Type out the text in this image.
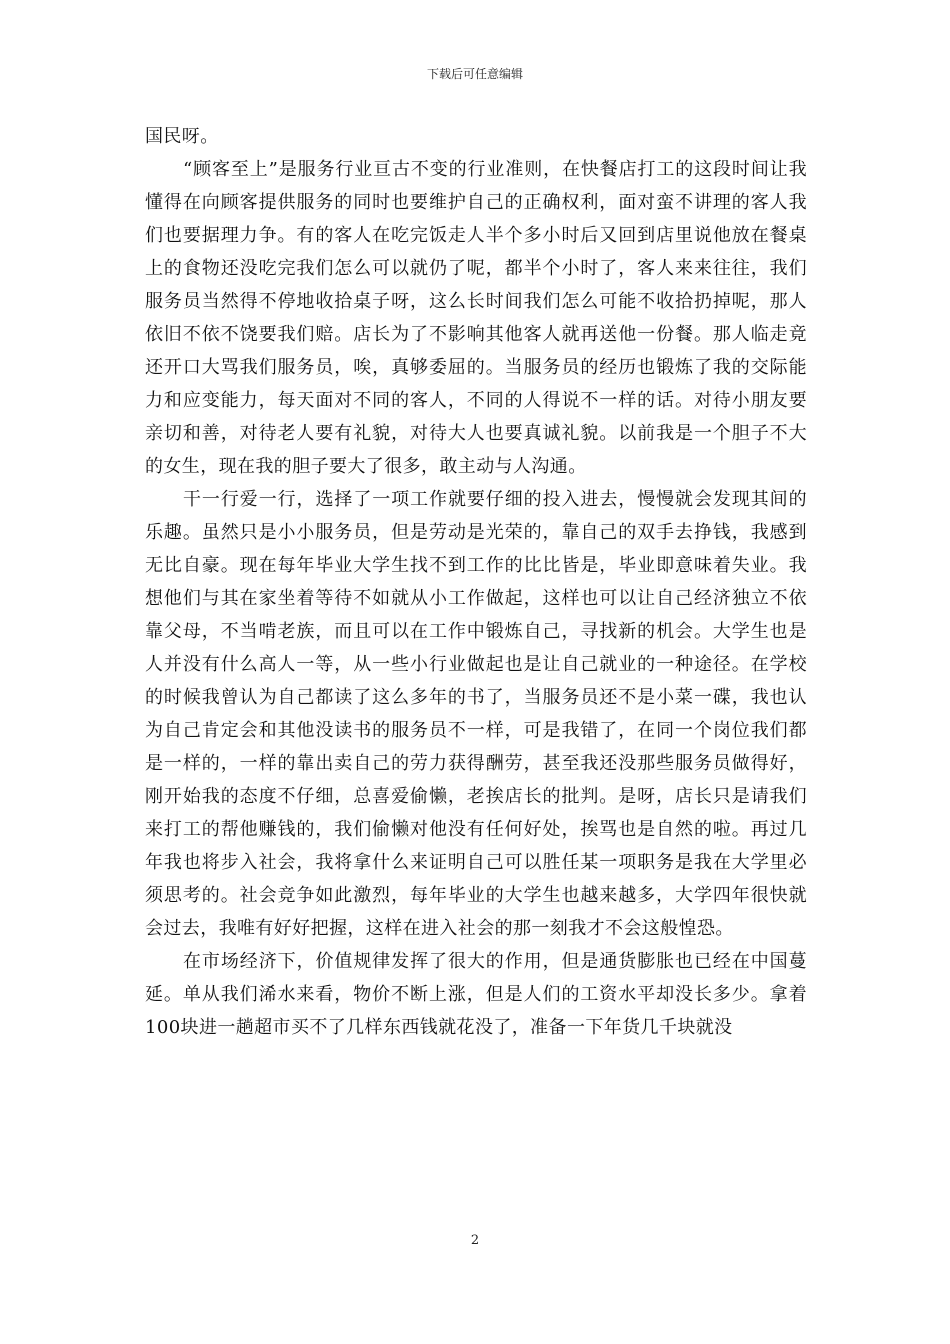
下载后可任意编辑

国民呀。

“顾客至上”是服务行业亘古不变的行业准则，在快餐店打工的这段时间让我懂得在向顾客提供服务的同时也要维护自己的正确权利，面对蛮不讲理的客人我们也要据理力争。有的客人在吃完饭走人半个多小时后又回到店里说他放在餐桌上的食物还没吃完我们怎么可以就仍了呢，都半个小时了，客人来来往往，我们服务员当然得不停地收拾桌子呀，这么长时间我们怎么可能不收拾扔掉呢，那人依旧不依不饶要我们赔。店长为了不影响其他客人就再送他一份餐。那人临走竟还开口大骂我们服务员，唉，真够委屈的。当服务员的经历也锻炼了我的交际能力和应变能力，每天面对不同的客人，不同的人得说不一样的话。对待小朋友要亲切和善，对待老人要有礼貌，对待大人也要真诚礼貌。以前我是一个胆子不大的女生，现在我的胆子要大了很多，敢主动与人沟通。

干一行爱一行，选择了一项工作就要仔细的投入进去，慢慢就会发现其间的乐趣。虽然只是小小服务员，但是劳动是光荣的，靠自己的双手去挣钱，我感到无比自豪。现在每年毕业大学生找不到工作的比比皆是，毕业即意味着失业。我想他们与其在家坐着等待不如就从小工作做起，这样也可以让自己经济独立不依靠父母，不当啃老族，而且可以在工作中锻炼自己，寻找新的机会。大学生也是人并没有什么高人一等，从一些小行业做起也是让自己就业的一种途径。在学校的时候我曾认为自己都读了这么多年的书了，当服务员还不是小菜一碟，我也认为自己肯定会和其他没读书的服务员不一样，可是我错了，在同一个岗位我们都是一样的，一样的靠出卖自己的劳力获得酬劳，甚至我还没那些服务员做得好，刚开始我的态度不仔细，总喜爱偷懒，老挨店长的批判。是呀，店长只是请我们来打工的帮他赚钱的，我们偷懒对他没有任何好处，挨骂也是自然的啦。再过几年我也将步入社会，我将拿什么来证明自己可以胜任某一项职务是我在大学里必须思考的。社会竞争如此激烈，每年毕业的大学生也越来越多，大学四年很快就会过去，我唯有好好把握，这样在进入社会的那一刻我才不会这般惶恐。

在市场经济下，价值规律发挥了很大的作用，但是通货膨胀也已经在中国蔓延。单从我们浠水来看，物价不断上涨，但是人们的工资水平却没长多少。拿着100块进一趟超市买不了几样东西钱就花没了，准备一下年货几千块就没

2
